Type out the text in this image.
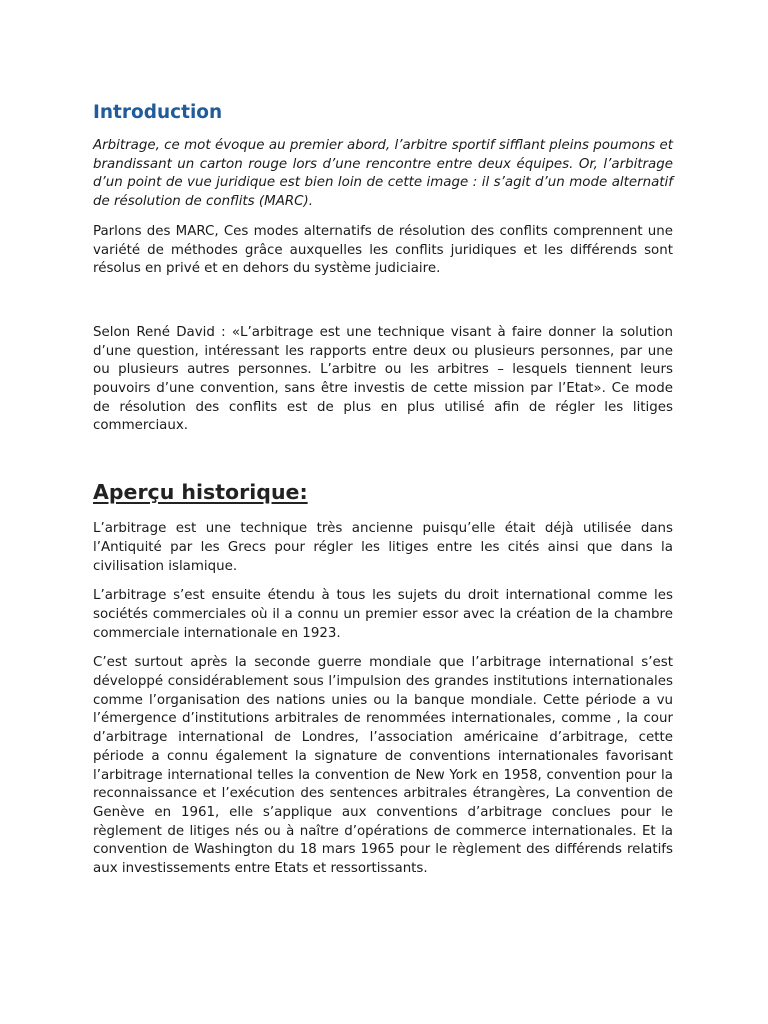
Introduction

Arbitrage, ce mot évoque au premier abord, l’arbitre sportif sifflant pleins poumons et brandissant un carton rouge lors d’une rencontre entre deux équipes. Or, l’arbitrage d’un point de vue juridique est bien loin de cette image : il s’agit d’un mode alternatif de résolution de conflits (MARC).

Parlons des MARC, Ces modes alternatifs de résolution des conflits comprennent une variété de méthodes grâce auxquelles les conflits juridiques et les différends sont résolus en privé et en dehors du système judiciaire.

Selon René David : «L’arbitrage est une technique visant à faire donner la solution d’une question, intéressant les rapports entre deux ou plusieurs personnes, par une ou plusieurs autres personnes. L’arbitre ou les arbitres – lesquels tiennent leurs pouvoirs d’une convention, sans être investis de cette mission par l’Etat». Ce mode de résolution des conflits est de plus en plus utilisé afin de régler les litiges commerciaux.

Aperçu historique:

L’arbitrage est une technique très ancienne puisqu’elle était déjà utilisée dans l’Antiquité par les Grecs pour régler les litiges entre les cités ainsi que dans la civilisation islamique.

L’arbitrage s’est ensuite étendu à tous les sujets du droit international comme les sociétés commerciales où il a connu un premier essor avec la création de la chambre commerciale internationale en 1923.

C’est surtout après la seconde guerre mondiale que l’arbitrage international s’est développé considérablement sous l’impulsion des grandes institutions internationales comme l’organisation des nations unies ou la banque mondiale. Cette période a vu l’émergence d’institutions arbitrales de renommées internationales, comme , la cour d’arbitrage international de Londres, l’association américaine d’arbitrage, cette période a connu également la signature de conventions internationales favorisant l’arbitrage international telles la convention de New York en 1958, convention pour la reconnaissance et l’exécution des sentences arbitrales étrangères, La convention de Genève en 1961, elle s’applique aux conventions d’arbitrage conclues pour le règlement de litiges nés ou à naître d’opérations de commerce internationales. Et la convention de Washington du 18 mars 1965 pour le règlement des différends relatifs aux investissements entre Etats et ressortissants.
